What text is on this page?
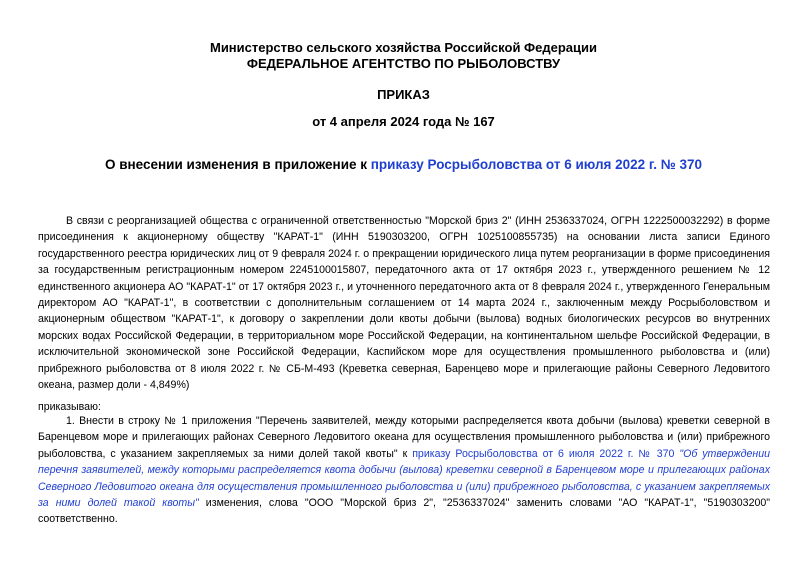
Министерство сельского хозяйства Российской Федерации
ФЕДЕРАЛЬНОЕ АГЕНТСТВО ПО РЫБОЛОВСТВУ
ПРИКАЗ
от 4 апреля 2024 года № 167
О внесении изменения в приложение к приказу Росрыболовства от 6 июля 2022 г. № 370
В связи с реорганизацией общества с ограниченной ответственностью "Морской бриз 2" (ИНН 2536337024, ОГРН 1222500032292) в форме присоединения к акционерному обществу "КАРАТ-1" (ИНН 5190303200, ОГРН 1025100855735) на основании листа записи Единого государственного реестра юридических лиц от 9 февраля 2024 г. о прекращении юридического лица путем реорганизации в форме присоединения за государственным регистрационным номером 2245100015807, передаточного акта от 17 октября 2023 г., утвержденного решением № 12 единственного акционера АО "КАРАТ-1" от 17 октября 2023 г., и уточненного передаточного акта от 8 февраля 2024 г., утвержденного Генеральным директором АО "КАРАТ-1", в соответствии с дополнительным соглашением от 14 марта 2024 г., заключенным между Росрыболовством и акционерным обществом "КАРАТ-1", к договору о закреплении доли квоты добычи (вылова) водных биологических ресурсов во внутренних морских водах Российской Федерации, в территориальном море Российской Федерации, на континентальном шельфе Российской Федерации, в исключительной экономической зоне Российской Федерации, Каспийском море для осуществления промышленного рыболовства и (или) прибрежного рыболовства от 8 июля 2022 г. № СБ-М-493 (Креветка северная, Баренцево море и прилегающие районы Северного Ледовитого океана, размер доли - 4,849%)
приказываю:
1. Внести в строку № 1 приложения "Перечень заявителей, между которыми распределяется квота добычи (вылова) креветки северной в Баренцевом море и прилегающих районах Северного Ледовитого океана для осуществления промышленного рыболовства и (или) прибрежного рыболовства, с указанием закрепляемых за ними долей такой квоты" к приказу Росрыболовства от 6 июля 2022 г. № 370 "Об утверждении перечня заявителей, между которыми распределяется квота добычи (вылова) креветки северной в Баренцевом море и прилегающих районах Северного Ледовитого океана для осуществления промышленного рыболовства и (или) прибрежного рыболовства, с указанием закрепляемых за ними долей такой квоты" изменения, слова "ООО "Морской бриз 2", "2536337024" заменить словами "АО "КАРАТ-1", "5190303200" соответственно.
